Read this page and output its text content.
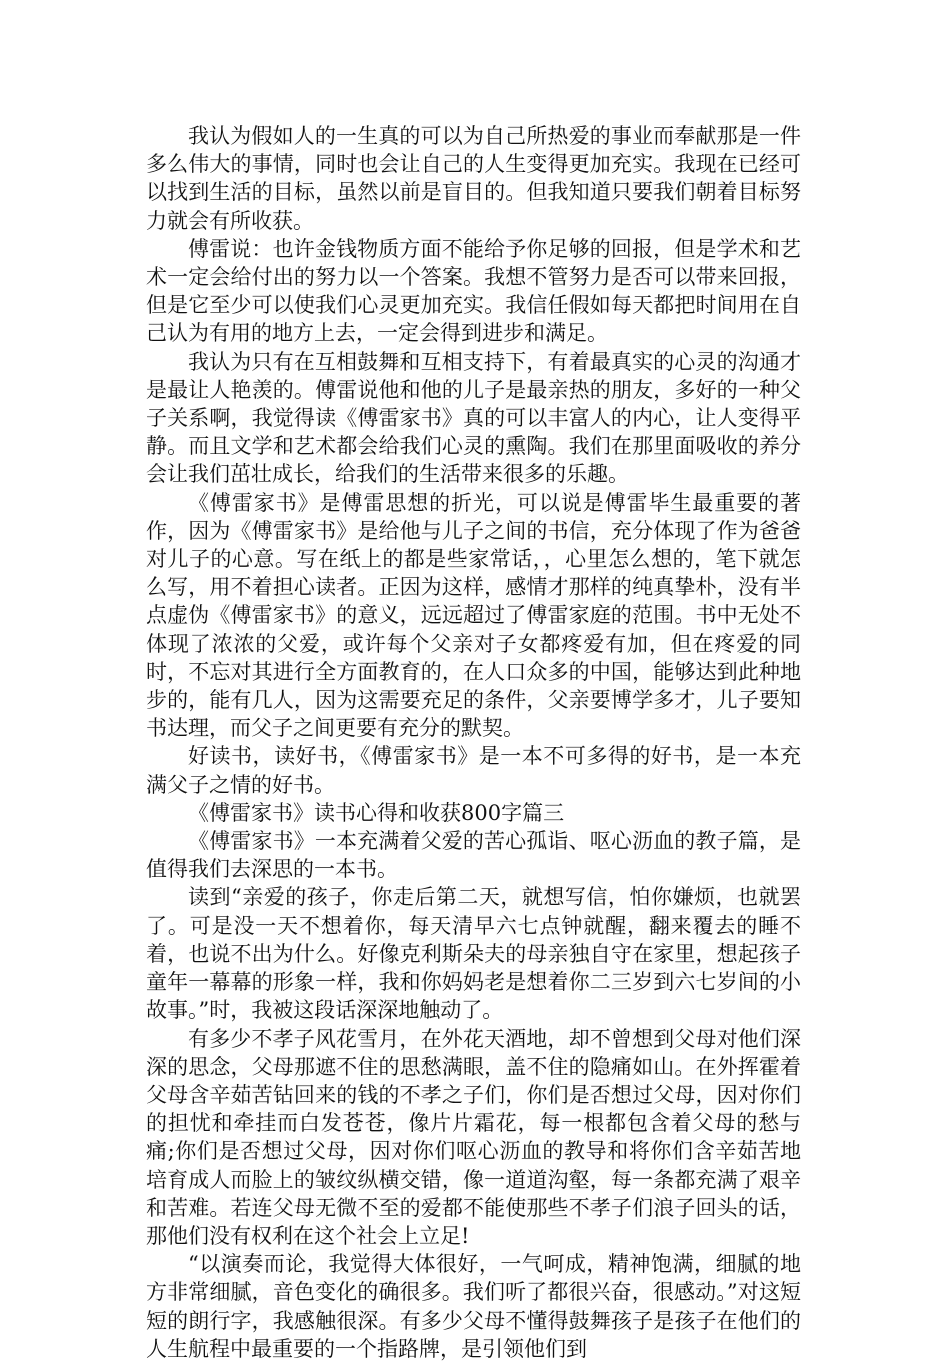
我认为假如人的一生真的可以为自己所热爱的事业而奉献那是一件多么伟大的事情，同时也会让自己的人生变得更加充实。我现在已经可以找到生活的目标，虽然以前是盲目的。但我知道只要我们朝着目标努力就会有所收获。

傅雷说：也许金钱物质方面不能给予你足够的回报，但是学术和艺术一定会给付出的努力以一个答案。我想不管努力是否可以带来回报，但是它至少可以使我们心灵更加充实。我信任假如每天都把时间用在自己认为有用的地方上去，一定会得到进步和满足。

我认为只有在互相鼓舞和互相支持下，有着最真实的心灵的沟通才是最让人艳羡的。傅雷说他和他的儿子是最亲热的朋友，多好的一种父子关系啊，我觉得读《傅雷家书》真的可以丰富人的内心，让人变得平静。而且文学和艺术都会给我们心灵的熏陶。我们在那里面吸收的养分会让我们茁壮成长，给我们的生活带来很多的乐趣。

《傅雷家书》是傅雷思想的折光，可以说是傅雷毕生最重要的著作，因为《傅雷家书》是给他与儿子之间的书信，充分体现了作为爸爸对儿子的心意。写在纸上的都是些家常话，，心里怎么想的，笔下就怎么写，用不着担心读者。正因为这样，感情才那样的纯真挚朴，没有半点虚伪《傅雷家书》的意义，远远超过了傅雷家庭的范围。书中无处不体现了浓浓的父爱，或许每个父亲对子女都疼爱有加，但在疼爱的同时，不忘对其进行全方面教育的，在人口众多的中国，能够达到此种地步的，能有几人，因为这需要充足的条件，父亲要博学多才，儿子要知书达理，而父子之间更要有充分的默契。

好读书，读好书，《傅雷家书》是一本不可多得的好书，是一本充满父子之情的好书。

《傅雷家书》读书心得和收获800字篇三

《傅雷家书》一本充满着父爱的苦心孤诣、呕心沥血的教子篇，是值得我们去深思的一本书。

读到“亲爱的孩子，你走后第二天，就想写信，怕你嫌烦，也就罢了。可是没一天不想着你，每天清早六七点钟就醒，翻来覆去的睡不着，也说不出为什么。好像克利斯朵夫的母亲独自守在家里，想起孩子童年一幕幕的形象一样，我和你妈妈老是想着你二三岁到六七岁间的小故事。”时，我被这段话深深地触动了。

有多少不孝子风花雪月，在外花天酒地，却不曾想到父母对他们深深的思念，父母那遮不住的思愁满眼，盖不住的隐痛如山。在外挥霍着父母含辛茹苦钻回来的钱的不孝之子们，你们是否想过父母，因对你们的担忧和牵挂而白发苍苍，像片片霜花，每一根都包含着父母的愁与痛;你们是否想过父母，因对你们呕心沥血的教导和将你们含辛茹苦地培育成人而脸上的皱纹纵横交错，像一道道沟壑，每一条都充满了艰辛和苦难。若连父母无微不至的爱都不能使那些不孝子们浪子回头的话，那他们没有权利在这个社会上立足!

“以演奏而论，我觉得大体很好，一气呵成，精神饱满，细腻的地方非常细腻，音色变化的确很多。我们听了都很兴奋，很感动。”对这短短的朗行字，我感触很深。有多少父母不懂得鼓舞孩子是孩子在他们的人生航程中最重要的一个指路牌，是引领他们到
